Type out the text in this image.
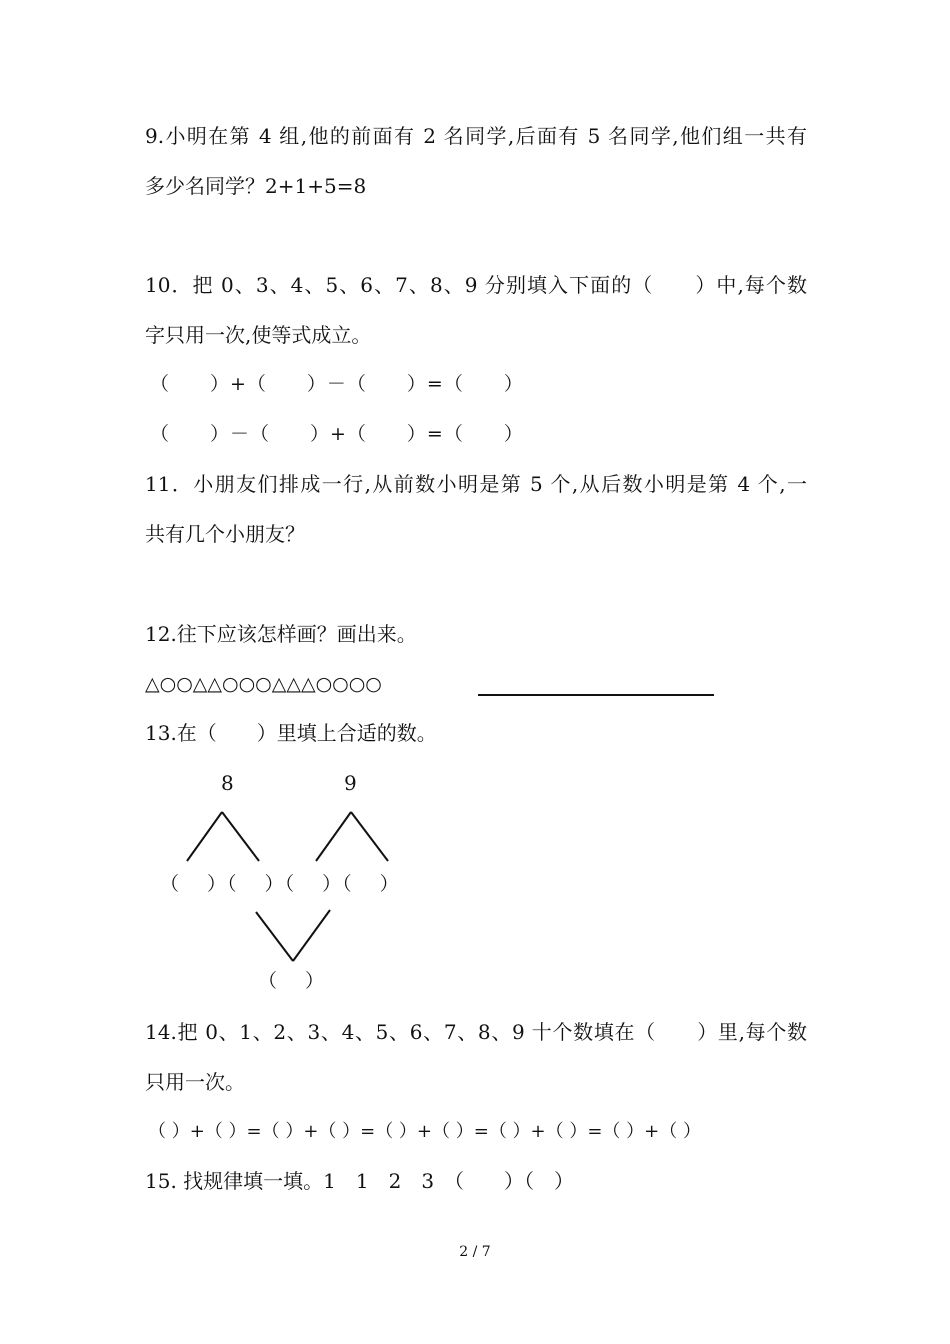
9.小明在第 4 组,他的前面有 2 名同学,后面有 5 名同学,他们组一共有
多少名同学？2+1+5=8
10．把 0、3、4、5、6、7、8、9 分别填入下面的（　　）中,每个数
字只用一次,使等式成立。
（　　）+（　　）－（　　）=（　　）
（　　）－（　　）+（　　）=（　　）
11．小朋友们排成一行,从前数小明是第 5 个,从后数小明是第 4 个,一
共有几个小朋友？
12.往下应该怎样画？画出来。
△○○△△○○○△△△○○○○
13.在（　　）里填上合适的数。
8	9
（　 ）（　 ）（　 ）（　 ）
（　 ）
14.把 0、1、2、3、4、5、6、7、8、9 十个数填在（　　）里,每个数
只用一次。
（ ）+（ ）=（ ）+（ ）=（ ）+（ ）=（ ）+（ ）=（ ）+（ ）
15. 找规律填一填。1　1　2　3　（　　）（　）
2 / 7
